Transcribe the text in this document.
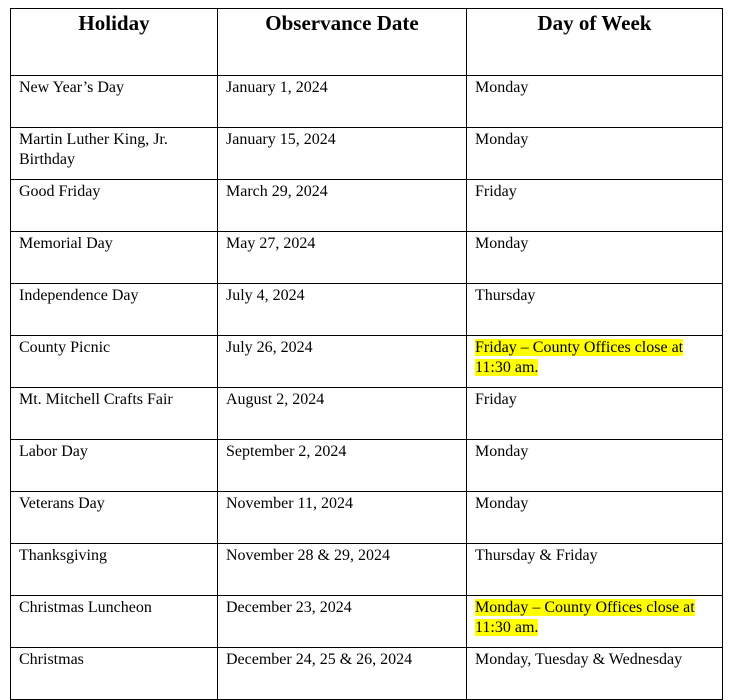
Holiday	Observance Date	Day of Week

New Year’s Day	January 1, 2024	Monday

Martin Luther King, Jr. Birthday	January 15, 2024	Monday

Good Friday	March 29, 2024	Friday

Memorial Day	May 27, 2024	Monday

Independence Day	July 4, 2024	Thursday

County Picnic	July 26, 2024	Friday – County Offices close at 11:30 am.

Mt. Mitchell Crafts Fair	August 2, 2024	Friday

Labor Day	September 2, 2024	Monday

Veterans Day	November 11, 2024	Monday

Thanksgiving	November 28 & 29, 2024	Thursday & Friday

Christmas Luncheon	December 23, 2024	Monday – County Offices close at 11:30 am.

Christmas	December 24, 25 & 26, 2024	Monday, Tuesday & Wednesday
